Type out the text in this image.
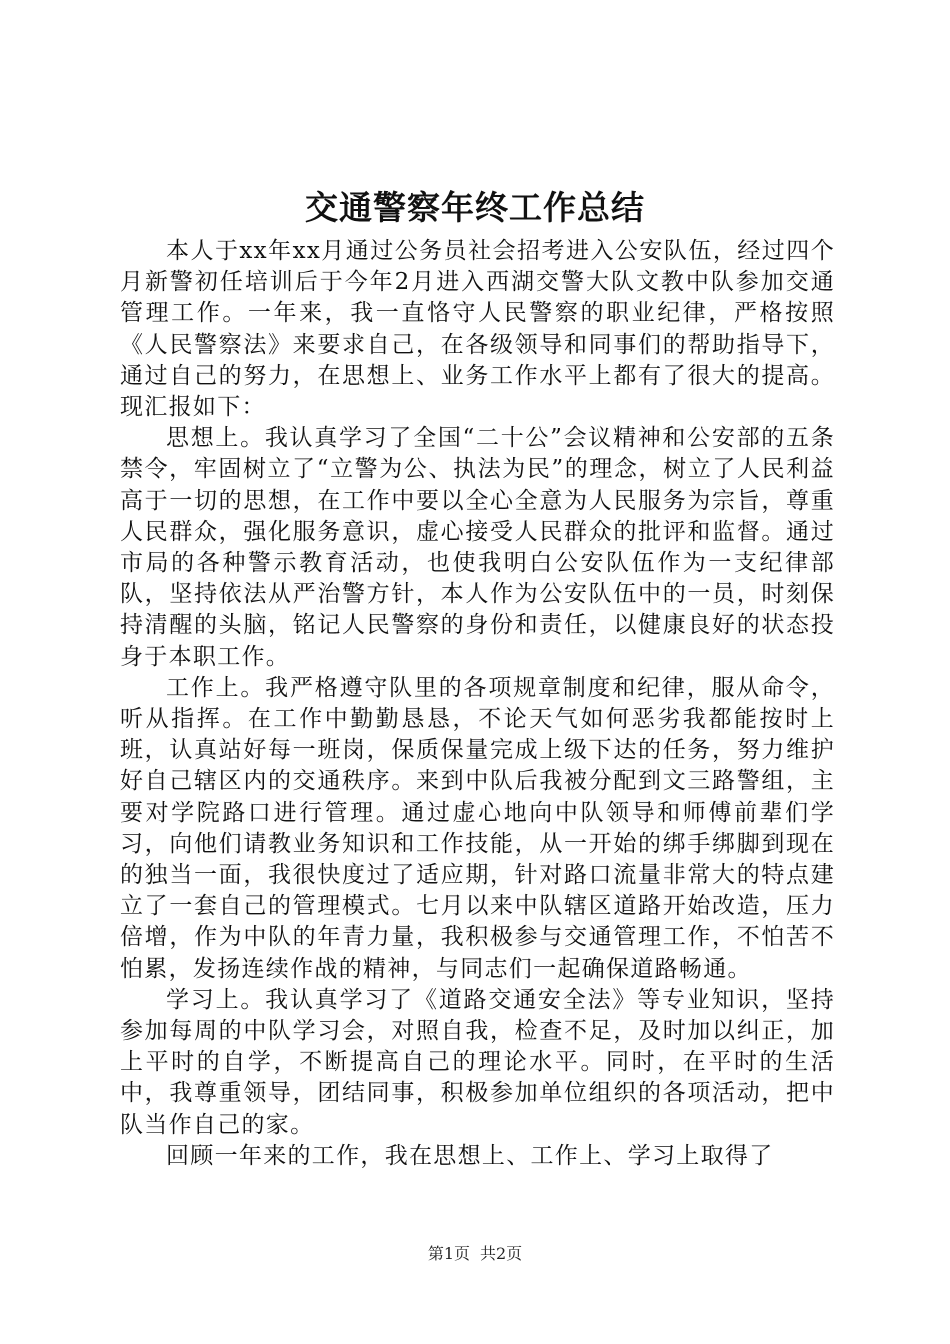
交通警察年终工作总结

本人于xx年xx月通过公务员社会招考进入公安队伍，经过四个月新警初任培训后于今年2月进入西湖交警大队文教中队参加交通管理工作。一年来，我一直恪守人民警察的职业纪律，严格按照《人民警察法》来要求自己，在各级领导和同事们的帮助指导下，通过自己的努力，在思想上、业务工作水平上都有了很大的提高。现汇报如下：

思想上。我认真学习了全国“二十公”会议精神和公安部的五条禁令，牢固树立了“立警为公、执法为民”的理念，树立了人民利益高于一切的思想，在工作中要以全心全意为人民服务为宗旨，尊重人民群众，强化服务意识，虚心接受人民群众的批评和监督。通过市局的各种警示教育活动，也使我明白公安队伍作为一支纪律部队，坚持依法从严治警方针，本人作为公安队伍中的一员，时刻保持清醒的头脑，铭记人民警察的身份和责任，以健康良好的状态投身于本职工作。

工作上。我严格遵守队里的各项规章制度和纪律，服从命令，听从指挥。在工作中勤勤恳恳，不论天气如何恶劣我都能按时上班，认真站好每一班岗，保质保量完成上级下达的任务，努力维护好自己辖区内的交通秩序。来到中队后我被分配到文三路警组，主要对学院路口进行管理。通过虚心地向中队领导和师傅前辈们学习，向他们请教业务知识和工作技能，从一开始的绑手绑脚到现在的独当一面，我很快度过了适应期，针对路口流量非常大的特点建立了一套自己的管理模式。七月以来中队辖区道路开始改造，压力倍增，作为中队的年青力量，我积极参与交通管理工作，不怕苦不怕累，发扬连续作战的精神，与同志们一起确保道路畅通。

学习上。我认真学习了《道路交通安全法》等专业知识，坚持参加每周的中队学习会，对照自我，检查不足，及时加以纠正，加上平时的自学，不断提高自己的理论水平。同时，在平时的生活中，我尊重领导，团结同事，积极参加单位组织的各项活动，把中队当作自己的家。

回顾一年来的工作，我在思想上、工作上、学习上取得了

第1页 共2页
